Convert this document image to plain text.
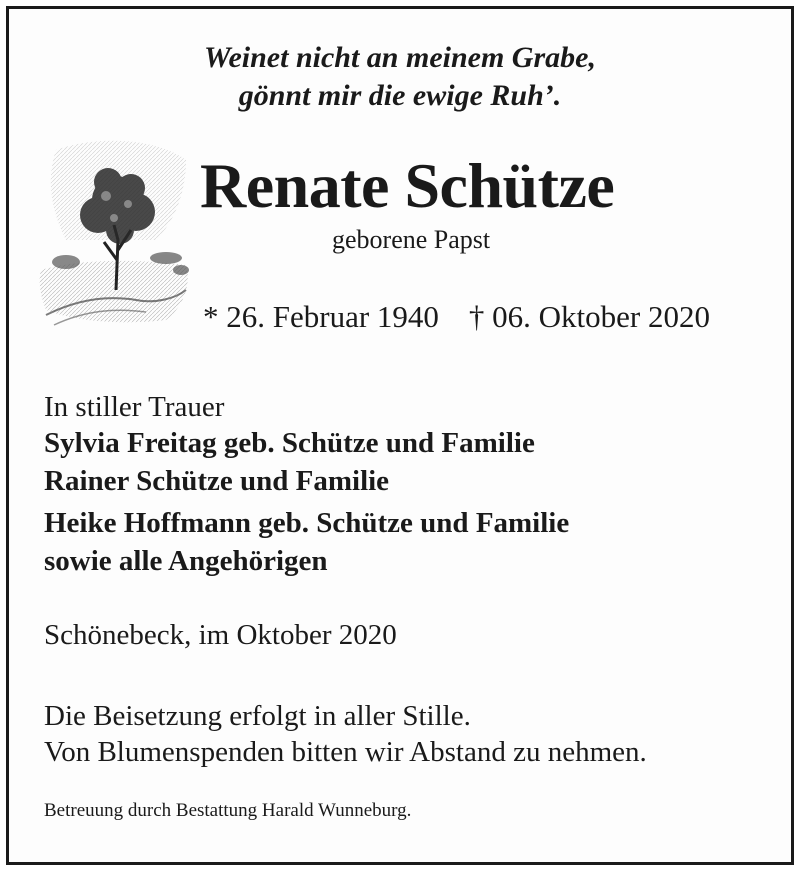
Weinet nicht an meinem Grabe,
gönnt mir die ewige Ruh’.
Renate Schütze
geborene Papst
* 26. Februar 1940 † 06. Oktober 2020
In stiller Trauer
Sylvia Freitag geb. Schütze und Familie
Rainer Schütze und Familie
Heike Hoffmann geb. Schütze und Familie
sowie alle Angehörigen
Schönebeck, im Oktober 2020
Die Beisetzung erfolgt in aller Stille.
Von Blumenspenden bitten wir Abstand zu nehmen.
Betreuung durch Bestattung Harald Wunneburg.
